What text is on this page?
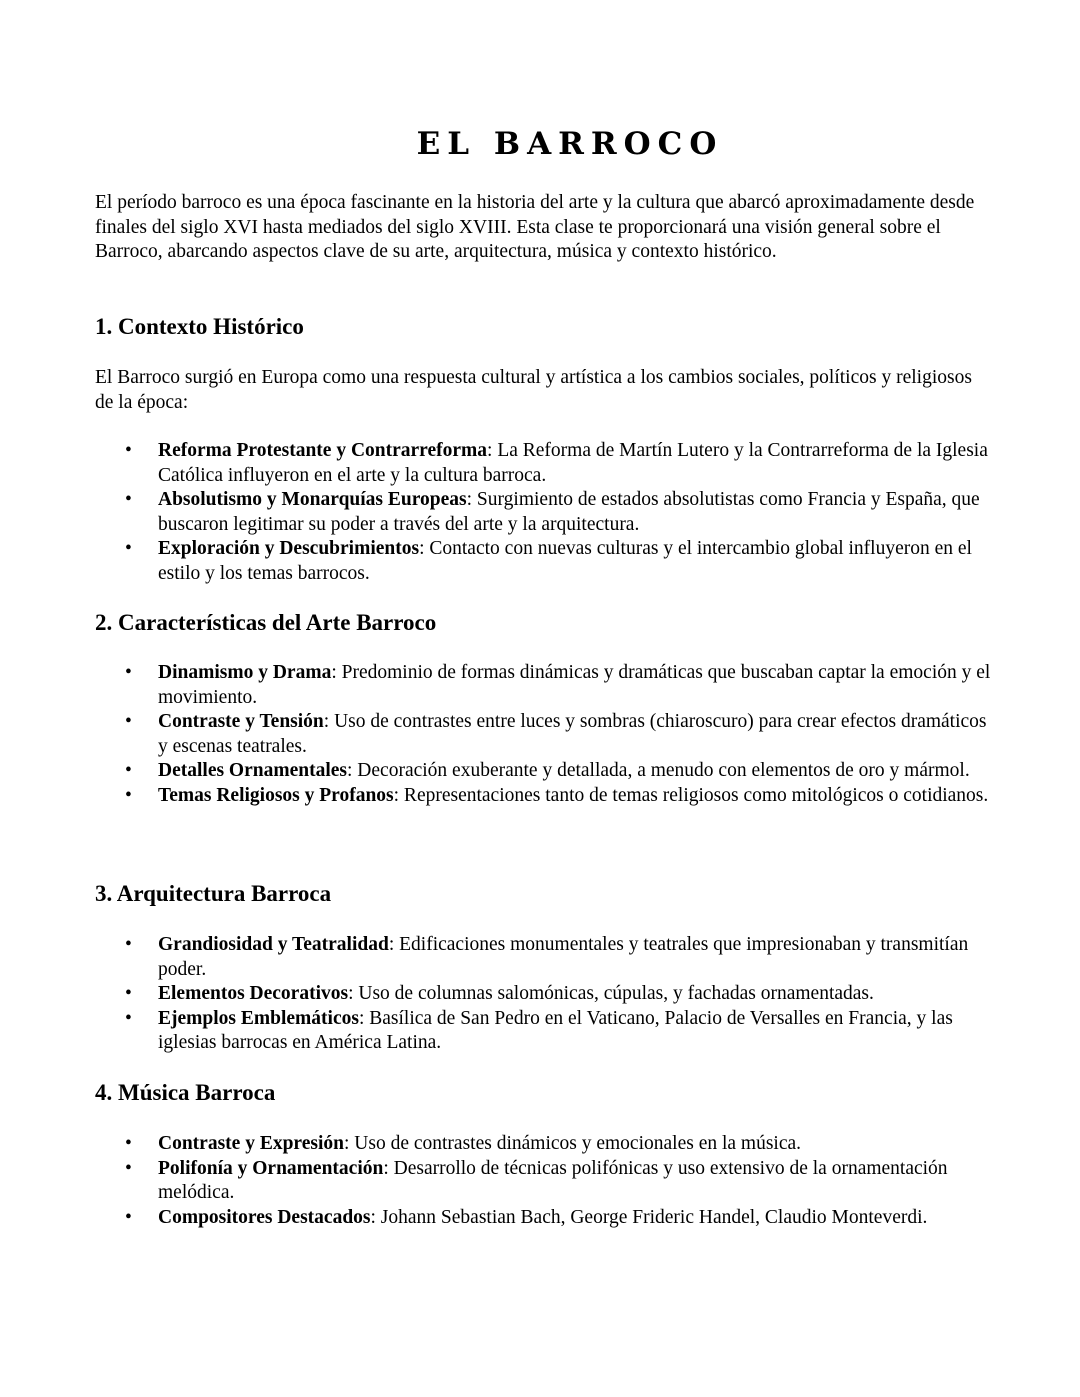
EL BARROCO

El período barroco es una época fascinante en la historia del arte y la cultura que abarcó aproximadamente desde finales del siglo XVI hasta mediados del siglo XVIII. Esta clase te proporcionará una visión general sobre el Barroco, abarcando aspectos clave de su arte, arquitectura, música y contexto histórico.

1. Contexto Histórico

El Barroco surgió en Europa como una respuesta cultural y artística a los cambios sociales, políticos y religiosos de la época:

• Reforma Protestante y Contrarreforma: La Reforma de Martín Lutero y la Contrarreforma de la Iglesia Católica influyeron en el arte y la cultura barroca.
• Absolutismo y Monarquías Europeas: Surgimiento de estados absolutistas como Francia y España, que buscaron legitimar su poder a través del arte y la arquitectura.
• Exploración y Descubrimientos: Contacto con nuevas culturas y el intercambio global influyeron en el estilo y los temas barrocos.
2. Características del Arte Barroco
• Dinamismo y Drama: Predominio de formas dinámicas y dramáticas que buscaban captar la emoción y el movimiento.
• Contraste y Tensión: Uso de contrastes entre luces y sombras (chiaroscuro) para crear efectos dramáticos y escenas teatrales.
• Detalles Ornamentales: Decoración exuberante y detallada, a menudo con elementos de oro y mármol.
• Temas Religiosos y Profanos: Representaciones tanto de temas religiosos como mitológicos o cotidianos.
3. Arquitectura Barroca
• Grandiosidad y Teatralidad: Edificaciones monumentales y teatrales que impresionaban y transmitían poder.
• Elementos Decorativos: Uso de columnas salomónicas, cúpulas, y fachadas ornamentadas.
• Ejemplos Emblemáticos: Basílica de San Pedro en el Vaticano, Palacio de Versalles en Francia, y las iglesias barrocas en América Latina.
4. Música Barroca
• Contraste y Expresión: Uso de contrastes dinámicos y emocionales en la música.
• Polifonía y Ornamentación: Desarrollo de técnicas polifónicas y uso extensivo de la ornamentación melódica.
• Compositores Destacados: Johann Sebastian Bach, George Frideric Handel, Claudio Monteverdi.
